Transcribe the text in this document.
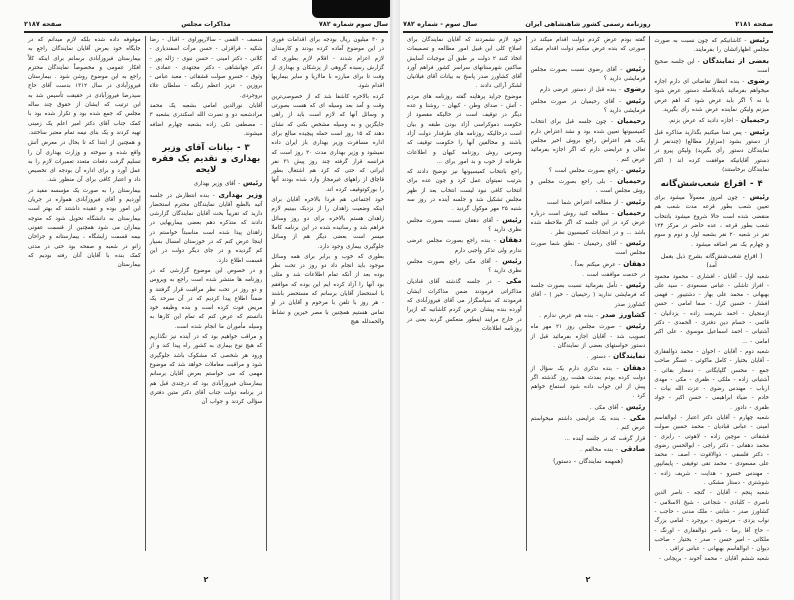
صفحه ۲۱۸۷	مذاکرات مجلس	سال سوم شماره ۷۸۲

و ۳۰ میلیون ریال بودجه برای اقدامات فوری در این موضوع آماده کرده بودند و کارمندان لازم اعزام شدند - اقلام لازم بطوری که گزارش رسیده گروهی از پزشکان و بهداری از وفت تا برای مبارزه با مالاریا و سایر بیماریها اقدام شود.

کرده بالاخره کاشفا شد که از خصوصی‌ترین وقت و آمد بعد وسیله ای که هست بصورتی و وسائل آنها که لازم است باید از راهی جایگزین و به وسیله مشخص بکنی که نشان دهند که ۱۵ روز است حمله پیچیده مبالغ برای اداره مسافرت وزیر بهداری باز ایران داده نمیشود و وزیر بهداری مدت ۲۰ روز است که فرانسه قرار گرفته چند روز پیش ۳۱ نفر ایرانی که حتی که کرد هم اشتغال بطور قاچاق از راههای غیرمجاز وارد شده بودند آنها را بورکوتوقیف کرده اند.

خود اجتماعی هم فردا بالاخره آقایان برای اینکه وضعیت زاهدان را از نزدیک ببینیم لازم زاهدان هستم بالاخره برای دو روز وسائل فراهم شد و رسانیده شده در این برنامه کاملا میسر است بعضی دیگر هم از وسائل جلوگیری بیماری وجود دارد.

بطوری که خوب و برابر برای همه وسائل موجود باید انجام داد دو روز در تحت نظر بوده بعد از آنکه تمام اطلاعات شد و مثلی بود آنها را آزاد کرده ایم این بوده که موافقم با استحضار آقایان برسانم که مستحضر باشند - هر روز با تلفن با مرحوم و آقایان در او تماس هستیم همچنین با مصر خیرین و نشاط والحمدلله هیچ

منصف - القمی - سالارپوراوی - اقبال - رضا شکیه - قراقزلی - حسن مرآت اسفندیاری - کلانی - دکتر امینی - حسن نبوی - ژاله پور - دکتر جهانشاهی - دکتر مجتهدی - عمادی - وثوق - خسرو صولت قشقائی - معبد عباس - بروزین - عزیز اعظم زنگنه - سلطان علاء بروجردی.

آقایان نورالدین امامی بشعبه یک محمد مرادشعبه دو و نصرت الله اسکندری بشعبه ۳ - مصطفی تکی زاده بشعبه چهارم اضافه میشوند.

۳ - بیانات آقای وزیر بهداری و تقدیم یک فقره لایحه

رئیس - آقای وزیر بهداری

وزیر بهداری - بنده انتظارش در جلسه آتیه بالطبع آقایان نمایندگان محترم استحضار دارید که تقریباً بحث آقایان نمایندگان گزارشی دادند که متذکره دهم بعضی بیماریهایی در زاهدان پیدا شده است مناسبتاً خواستم در اینجا عرض کنم که در خوزستان امسال بسیار کم گردیده و در جای دیگر دولت در این قسمت اطلاع دارد.

و در خصوص این موضوع گزارشی که در روزنامه ها منتشر شده است راجع به ویروس و دو روز در تحت نظر مراقبت قرار گرفتند و ضمناً اطلاع پیدا کردیم که در آن سرحد یک مریض فوت کرده است و بنده وظیفه خود دانستم که عرض کنم که تمام این کارها به وسیله مأموران ما انجام شده است.

و مراقب خواهیم بود که در آینده نیز نگذاریم که هیچ نوع بیماری به کشور راه پیدا کند و از ورود هر شخصی که مشکوک باشد جلوگیری شود و مراقبت معاملات خواهد شد که موضوع مهمی که می خواستم بعرض آقایان برسانم بیمارستان فیروزآبادی بود که درچندی قبل هم در برنامه دولت جناب آقای دکتر متین دفتری سؤالی کردند و جواب آن

موقوفه داده شده بلکه لازم میدانم که در جایگاه خود بعرض آقایان نمایندگان راجع به بیمارستان فیروزآبادی برسانم برای اینکه کلاً افکار عمومی و مخصوصاً نمایندگان محترم راجع به این موضوع روشن شود . بیمارستان فیروزآبادی در سال ۱۳۱۲ بدست آقای حاج سیدرضا فیروزآبادی در حقیقت تأسیس شد به این ترتیب که ایشان از حقوق چند ساله مجلس که جمع شده بود و تکرار شده بود با کمک جناب آقای دکتر امیر اعلم یک زمینی تهیه کردند و یک بنای نیمه تمام معتبر ساختند.

و همچنین از ابتدا که تا بحال در معرض آتش واقع شده و سوخته و وزارت بهداری آن را تسلیم گرفت دفعات متعدد تعمیرات لازم را به عمل آورد و برای اداره آن بودجه ای تخصیص داد و اعتبار کافی برای آن منظور شد.

بیمارستان را به صورت یک مؤسسه مفید در آوردیم و آقای فیروزآبادی همواره در جریان این امور بوده و عقیده داشتند که بهتر است بیمارستان به دانشگاه تحویل شود که متوجه بیماران می شود همچنین از قسمت عفونی بیمه قسمت زایشگاه ، بیمارستانه و جراحان زانو در شعبه و صفحه بود حتی در مدتی کمک بنده با آقایان آنان رفته بودیم که بیمارستان

۲
سال سوم - شماره ۷۸۲	روزنامه رسمی کشور شاهنشاهی ایران	صفحه ۲۱۸۱

رئیس - کاشانیکم که چون نسبت به صورت مجلس اظهاراتشان را بفرمایند.

بعضی از نمایندگان - این جلسه صحیح است

رضوی - بنده انتظار تقاضاتی ای دارم اجازه میخواهم بفرمائید بایدبلاصله دستور عرض شود یا نه ؟ اگر باید عرض شود که اهم عرض میزنم ولیکن نماینده عرض شده رأی بگیرید.

رحیمیان - اجازه دادید که عرض بزنم.

رئیس - پس تمنا میکنیم بگذارید مذاکره قبل از دستور بشود (سزاوار مطالع) (چندنفر از نمایندگان دستور رأی بگیرید) ولیکن پیرو در دستور آقایانیکه موافقت کرده اند ( اکثر نمایندگان برخاستند)

۴ - اقراع شعب‌شش‌گانه

رئیس - چون امروز معمولاً میشود برای تعیین شعب بطور قرعه مدت شعب هم منقضی شده است حالا شروع میشود بانتخاب شعب بطور قرعه ، عده حاضر در مرکز ۱۲۴ نفر در شعبه ۲۰ نفر بشعبه اول و دوم و سوم و چهارم یک نفر اضافه میشود .

( اقراع شعب‌شش‌گانه بشرح ذیل بعمل آمد)

شعبه اول - آقایان - افشاری - محمود محمود - افراز تاشلی - عباس مسعودی - سید علی بهبهانی - محمد علی بهار - دشتیبور - فهمی افشار - حسین کرل - صفا امامی - حسن ازمنجیان - احمد شریعت زاده - یزدانیان - قائمی - حسام دین دفتری - الحمدی - دکتر آشتیانی - احمد اسماعیل موسوی - علی اکبر امامی - ...

شعبه دوم - آقایان - اخوان - محمد ذوالفقاری - آقایان بختیار - کامل ماکوئی - عسگر صاحب جمع - محسن گلپایگانی - دمعتار بقائی - آشتیانی زاده - ملکی - ظفری - مکی - مهدی ارباب - مهندس رضوی - عزت الله بیات - خادم - ضیاء ابراهیمی - حسن اکبر - جواد ظفری - دادور .

شعبه چهارم - آقایان دکتر اعتبار - ابوالقاسم امینی - عباس قبادیان - محمد حسین صولت قشقائی - موچین زاده - لاهوتی - رایزی - محمد دهقانی - دکتر راجی - ابوالحسن رضوی - دکتر فلسفی - ذوالاقوت - اصف - محمد علی مسعودی - محمد تقی توفیقی - پایمانپور - مهندس خسرو - هدایت - شریف زاده - شوشتری - دستار مشکی .

شعبه پنجم - آقایان - گنجه - ناصر الدین ناصری - کلبادی - شجاعی - شیخ الاسلامی - کشاورز صدر - شابتی - ملک مدنی - حاجب - نواب یزدی - مرتضوی - بروجرد - امامی بزرگ - حاج آقا رضا - ناصر ذوالفقاری - اورنگ - ملکانی - امیر حسن - صدر - بختیار - صاحب دیوان - ابوالقاسم بهبهانی - عباس تراقی .

شعبه ششم آقایان - محمد آخوند - بریجانی -

گفته بودم عرض کردم دولت اقدام میکند در صورتی که بنده عرض میکنم دولت اقدام میکند .

رئیس - آقای رضوی نسبت بصورت مجلس فرمایشی دارید ؟

رضوی - بنده قبل از دستور عرضی دارم

رئیس - آقای رحیمیان در صورت مجلس فرمایشی دارید ؟

رحیمیان - چون جلسه قبل برای انتخاب کمیسیونها تعیین شده بود و نشد اعتراض دارم یکی هم اعتراض راجع بروش اخیر مجلس تعالی و عرایضی دارم که اگر اجازه بفرمائید عرض کنم .

رئیس - راجع بصورت مجلس است ؟

رحیمیان - بلی راجع بصورت مجلس و روش مجلس است .

رئیس - از مطالعه اعتراض شما است

رحیمیان - مطالعه کنید روش است درباره عرض کرد در این جلسه که اگر ملاحظه شده باشد ... و در انتخابات کمیسیون نظر .

رئیس - آقای رحیمیان - نطق شما صورت مجلس است

دهقان - عرض میکنم بعداً .

در خدمت موافقت است .

رئیس - تأمل بفرمائید نسبت بصورت جلسه که فرمایشی ندارید ( رحیمیان - خیر ) - آقای کشاورز صدر

کشاورز صدر - بنده هم عرض ندارم .

رئیس - صورت مجلس روز ۲۱ مهر ماه تصویب شد - آقایان اجازه بفرمائید قبل از دستور خواستهای بعضی از نمایندگان .

نمایندگان - دستور .

دهقان - بنده تذکری دارم یک سؤال از دولت کرده بودم بمدت هشت روز گذشته اگر پیش از این جواب داده شود استماع خواهم کرد .

رئیس - آقای مکی .

مکی - بنده یک عرایضی داشتم میخواستم عرض کنم .

قرار گرفت که در جلسه آینده ...

صادقی - بنده مخالفم .

(همهمه نمایندگان - دستور)

خود لازم نشمردند که آقایان نمایندگان برای اصلاح کلی این قبیل امور مطالعه و تصمیمات اتخاذ کنند ۲ دولت بر طبق آن موجبات آسایش ساکنین شهرستانهای سراسر کشور فراهم آورد آقای کشاورز صدر پاسخ به بیانات آقای فیلانیان لشکر آرائی دادند .

موضوع جراید پرهاینه گفته روزنامه های مردم - آتش - صدای وطن - کیهان - روشنا و عده دیگر در توقیف است در حالیکه مقصود از حکومت دموکراسی آزاد بودن طبقه و بیان است درحالیکه روزنامه های طرفدار دولت آزاد باشند و مخالفین آنها را حکومت توقیف که وسرس روش روزنامه کیهان و اطلاعات طرفانه از خوب و بد امور برای ...

راجع بانتخاب کمیسیونها نیز توضیح دادند که بترتیب نمیتوان عمل کرد و چون عده برای انتخاب کافی نبود لیست انتخاب بعد از ظهر مجلس تشکیل شد و جلسه آینده در روز سه شنبه ۲۵ مهر موکول گردید .

رئیس - آقای دهقان نسبت بصورت مجلس نظری دارید ؟

دهقان - بنده راجع بصورت مجلس عرضی ندارم ولی تذکر واجبی دارم

رئیس - آقای مکی راجع بصورت مجلس نظری دارید ؟

مکی - در جلسه گذشته آقای قنادیان مذاکراتی فرمودند ضمن مذاکرات ایشان فرمودند که سپاسگزار می آقای فیروزآبادی که آورده بنده پیشان عرض کردم کاشانیه که ازیرا در خارج مرایند اینطور منعکس گردید یعنی در روزنامه اطلاعات

۲
